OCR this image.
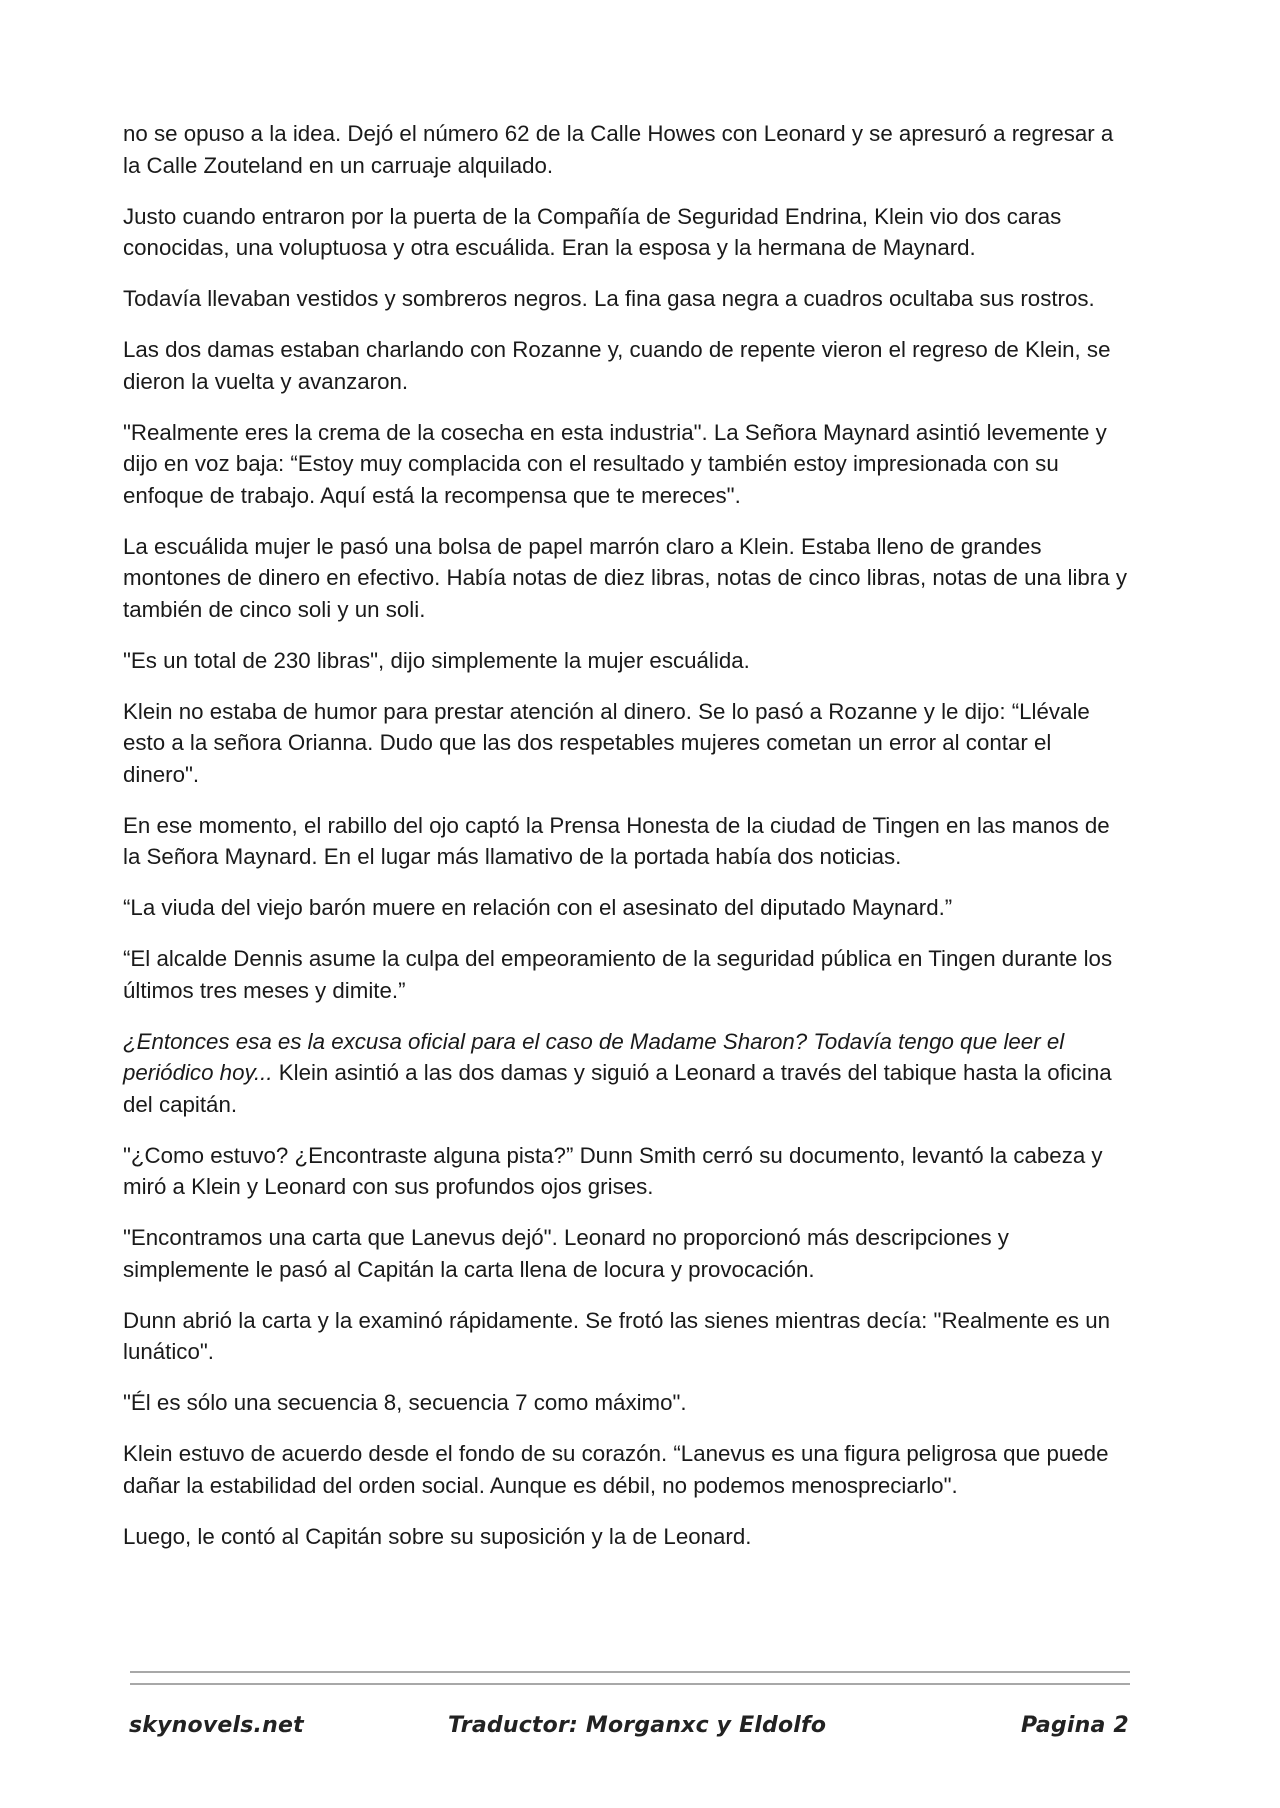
no se opuso a la idea. Dejó el número 62 de la Calle Howes con Leonard y se apresuró a regresar a la Calle Zouteland en un carruaje alquilado.

Justo cuando entraron por la puerta de la Compañía de Seguridad Endrina, Klein vio dos caras conocidas, una voluptuosa y otra escuálida. Eran la esposa y la hermana de Maynard.

Todavía llevaban vestidos y sombreros negros. La fina gasa negra a cuadros ocultaba sus rostros.

Las dos damas estaban charlando con Rozanne y, cuando de repente vieron el regreso de Klein, se dieron la vuelta y avanzaron.

"Realmente eres la crema de la cosecha en esta industria". La Señora Maynard asintió levemente y dijo en voz baja: “Estoy muy complacida con el resultado y también estoy impresionada con su enfoque de trabajo. Aquí está la recompensa que te mereces".

La escuálida mujer le pasó una bolsa de papel marrón claro a Klein. Estaba lleno de grandes montones de dinero en efectivo. Había notas de diez libras, notas de cinco libras, notas de una libra y también de cinco soli y un soli.

"Es un total de 230 libras", dijo simplemente la mujer escuálida.

Klein no estaba de humor para prestar atención al dinero. Se lo pasó a Rozanne y le dijo: “Llévale esto a la señora Orianna. Dudo que las dos respetables mujeres cometan un error al contar el dinero".

En ese momento, el rabillo del ojo captó la Prensa Honesta de la ciudad de Tingen en las manos de la Señora Maynard. En el lugar más llamativo de la portada había dos noticias.

“La viuda del viejo barón muere en relación con el asesinato del diputado Maynard.”

“El alcalde Dennis asume la culpa del empeoramiento de la seguridad pública en Tingen durante los últimos tres meses y dimite.”

¿Entonces esa es la excusa oficial para el caso de Madame Sharon? Todavía tengo que leer el periódico hoy... Klein asintió a las dos damas y siguió a Leonard a través del tabique hasta la oficina del capitán.

"¿Como estuvo? ¿Encontraste alguna pista?” Dunn Smith cerró su documento, levantó la cabeza y miró a Klein y Leonard con sus profundos ojos grises.

"Encontramos una carta que Lanevus dejó". Leonard no proporcionó más descripciones y simplemente le pasó al Capitán la carta llena de locura y provocación.

Dunn abrió la carta y la examinó rápidamente. Se frotó las sienes mientras decía: "Realmente es un lunático".

"Él es sólo una secuencia 8, secuencia 7 como máximo".

Klein estuvo de acuerdo desde el fondo de su corazón. “Lanevus es una figura peligrosa que puede dañar la estabilidad del orden social. Aunque es débil, no podemos menospreciarlo".

Luego, le contó al Capitán sobre su suposición y la de Leonard.

skynovels.net	Traductor: Morganxc y Eldolfo	Pagina 2
